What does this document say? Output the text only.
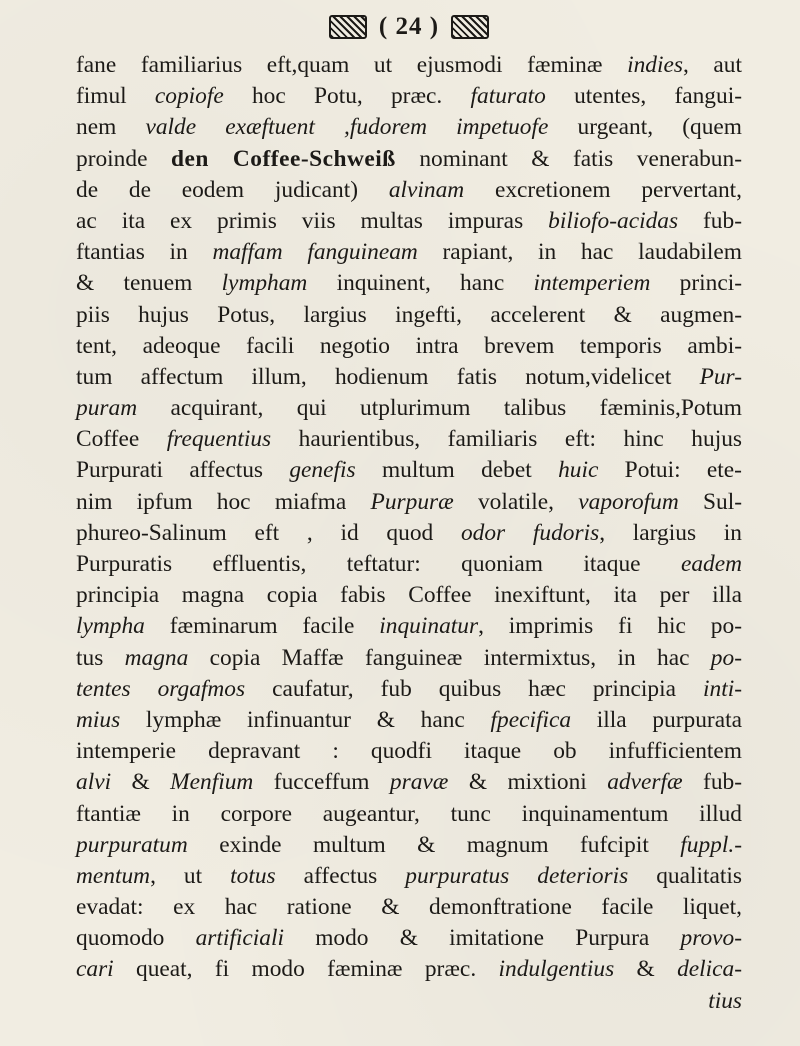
( 24 )
fane familiarius eft,quam ut ejusmodi fæminæ indies, aut
fimul copiofe hoc Potu, præc. faturato utentes, fangui-
nem valde exæftuent ,fudorem impetuofe urgeant, (quem
proinde den Coffee-Schweiß nominant & fatis venerabun-
de de eodem judicant) alvinam excretionem pervertant,
ac ita ex primis viis multas impuras biliofo-acidas fub-
ftantias in maffam fanguineam rapiant, in hac laudabilem
& tenuem lympham inquinent, hanc intemperiem princi-
piis hujus Potus, largius ingefti, accelerent & augmen-
tent, adeoque facili negotio intra brevem temporis ambi-
tum affectum illum, hodienum fatis notum,videlicet Pur-
puram acquirant, qui utplurimum talibus fæminis,Potum
Coffee frequentius haurientibus, familiaris eft: hinc hujus
Purpurati affectus genefis multum debet huic Potui: ete-
nim ipfum hoc miafma Purpuræ volatile, vaporofum Sul-
phureo-Salinum eft , id quod odor fudoris, largius in
Purpuratis effluentis, teftatur: quoniam itaque eadem
principia magna copia fabis Coffee inexiftunt, ita per illa
lympha fæminarum facile inquinatur, imprimis fi hic po-
tus magna copia Maffæ fanguineæ intermixtus, in hac po-
tentes orgafmos caufatur, fub quibus hæc principia inti-
mius lymphæ infinuantur & hanc fpecifica illa purpurata
intemperie depravant : quodfi itaque ob infufficientem
alvi & Menfium fucceffum pravæ & mixtioni adverfæ fub-
ftantiæ in corpore augeantur, tunc inquinamentum illud
purpuratum exinde multum & magnum fufcipit fuppl.-
mentum, ut totus affectus purpuratus deterioris qualitatis
evadat: ex hac ratione & demonftratione facile liquet,
quomodo artificiali modo & imitatione Purpura provo-
cari queat, fi modo fæminæ præc. indulgentius & delica-
tius
